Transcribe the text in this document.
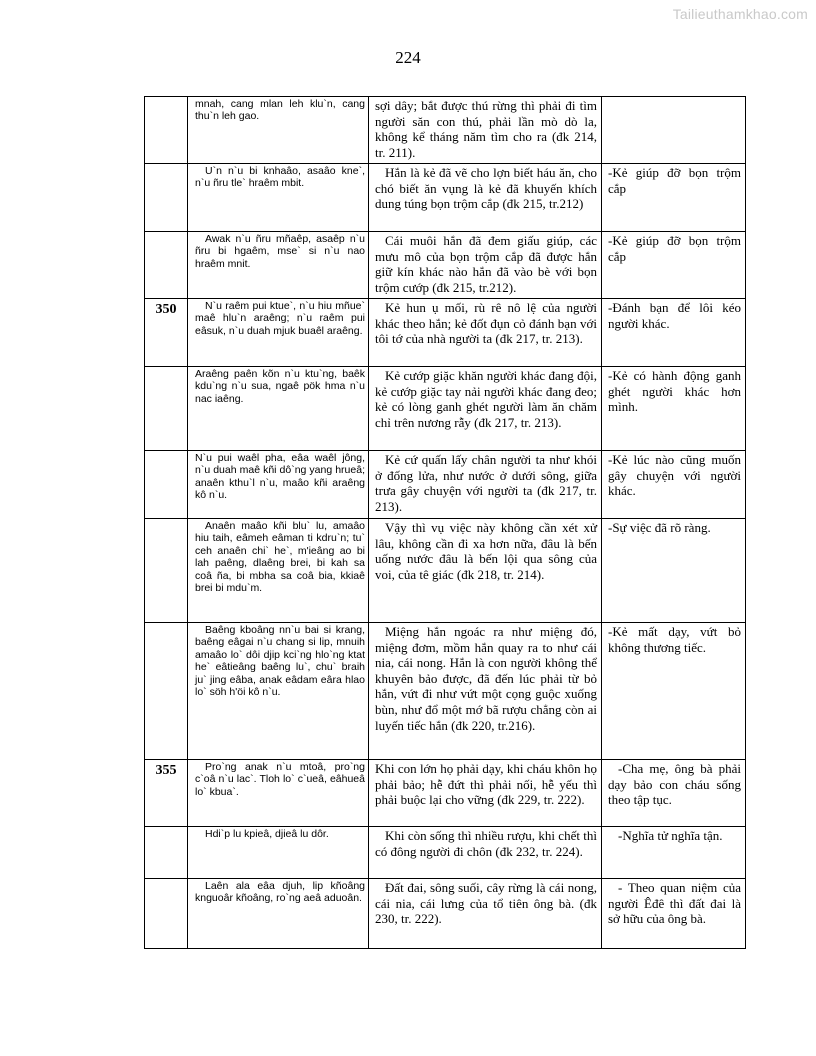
Tailieuthamkhao.com
224
	mnah, cang mlan leh klu`n, cang thu`n leh gao.	sợi dây; bắt được thú rừng thì phải đi tìm người săn con thú, phải lần mò dò la, không kể tháng năm tìm cho ra (đk 214, tr. 211).	

	U`n n`u bi knhaâo, asaâo kne`, n`u ñru tle` hraêm mbit.	Hắn là kẻ đã vẽ cho lợn biết háu ăn, cho chó biết ăn vụng là kẻ đã khuyến khích dung túng bọn trộm cắp (đk 215, tr.212)	-Kẻ giúp đỡ bọn trộm cắp

	Awak n`u ñru mñaêp, asaêp n`u ñru bi hgaêm, mse` si n`u nao hraêm mnit.	Cái muôi hắn đã đem giấu giúp, các mưu mô của bọn trộm cắp đã được hắn giữ kín khác nào hắn đã vào bè với bọn trộm cướp (đk 215, tr.212).	-Kẻ giúp đỡ bọn trộm cắp
350	N`u raêm pui ktue`, n`u hiu mñue` maê hlu`n araêng; n`u raêm pui eâsuk, n`u duah mjuk buaêl araêng.	Kẻ hun ụ mối, rù rê nô lệ của người khác theo hắn; kẻ đốt đụn cỏ đánh bạn với tôi tớ của nhà người ta (đk 217, tr. 213).	-Đánh bạn để lôi kéo người khác.
	Araêng paên kõn n`u ktu`ng, baêk kdu`ng n`u sua, ngaê pök hma n`u nac iaêng.	Kẻ cướp giặc khăn người khác đang đội, kẻ cướp giặc tay nải người khác đang đeo; kẻ có lòng ganh ghét người làm ăn chăm chỉ trên nương rẫy (đk 217, tr. 213).	-Kẻ có hành động ganh ghét người khác hơn mình.
	N`u pui waêl pha, eâa waêl jông, n`u duah maê kñi dô`ng yang hrueâ; anaên kthu`l n`u, maâo kñi araêng kô n`u.	Kẻ cứ quấn lấy chân người ta như khói ở đống lửa, như nước ở dưới sông, giữa trưa gây chuyện với người ta (đk 217, tr. 213).	-Kẻ lúc nào cũng muốn gây chuyện với người khác.

	Anaên maâo kñi blu` lu, amaâo hiu taih, eâmeh eâman ti kdru`n; tu` ceh anaên chi` he`, m'ieâng ao bi lah paêng, dlaêng brei, bi kah sa coâ ña, bi mbha sa coâ bia, kkiaê brei bi mdu`m.	Vậy thì vụ việc này không cần xét xử lâu, không cần đi xa hơn nữa, đâu là bến uống nước đâu là bến lội qua sông của voi, của tê giác (đk 218, tr. 214).	-Sự việc đã rõ ràng.

	Baêng kboâng nn`u bai si krang, baêng eâgai n`u chang si lip, mnuih amaâo lo` dôi djip kci`ng hlo`ng ktat he` eâtieâng baêng lu`, chu` braih ju` jing eâba, anak eâdam eâra hlao lo` söh h'öi kô n`u.	Miệng hắn ngoác ra như miệng đó, miệng đơm, mồm hắn quay ra to như cái nia, cái nong. Hắn là con người không thể khuyên bảo được, đã đến lúc phải từ bỏ hắn, vứt đi như vứt một cọng guộc xuống bùn, như đổ một mớ bã rượu chẳng còn ai luyến tiếc hắn (đk 220, tr.216).	-Kẻ mất dạy, vứt bỏ không thương tiếc.
355	Pro`ng anak n`u mtoâ, pro`ng c`oâ n`u lac`. Tloh lo` c`ueâ, eâhueâ lo` kbua`.	Khi con lớn họ phải dạy, khi cháu khôn họ phải bảo; hễ đứt thì phải nối, hễ yếu thì phải buộc lại cho vững (đk 229, tr. 222).	-Cha mẹ, ông bà phải dạy bảo con cháu sống theo tập tục.

	Hdi`p lu kpieâ, djieâ lu dôr.	Khi còn sống thì nhiều rượu, khi chết thì có đông người đi chôn (đk 232, tr. 224).	-Nghĩa tử nghĩa tận.

	Laên ala eâa djuh, lip kñoâng knguoâr kñoâng, ro`ng aeâ aduoân.	Đất đai, sông suối, cây rừng là cái nong, cái nia, cái lưng của tổ tiên ông bà. (đk 230, tr. 222).	- Theo quan niệm của người Êđê thì đất đai là sở hữu của ông bà.
